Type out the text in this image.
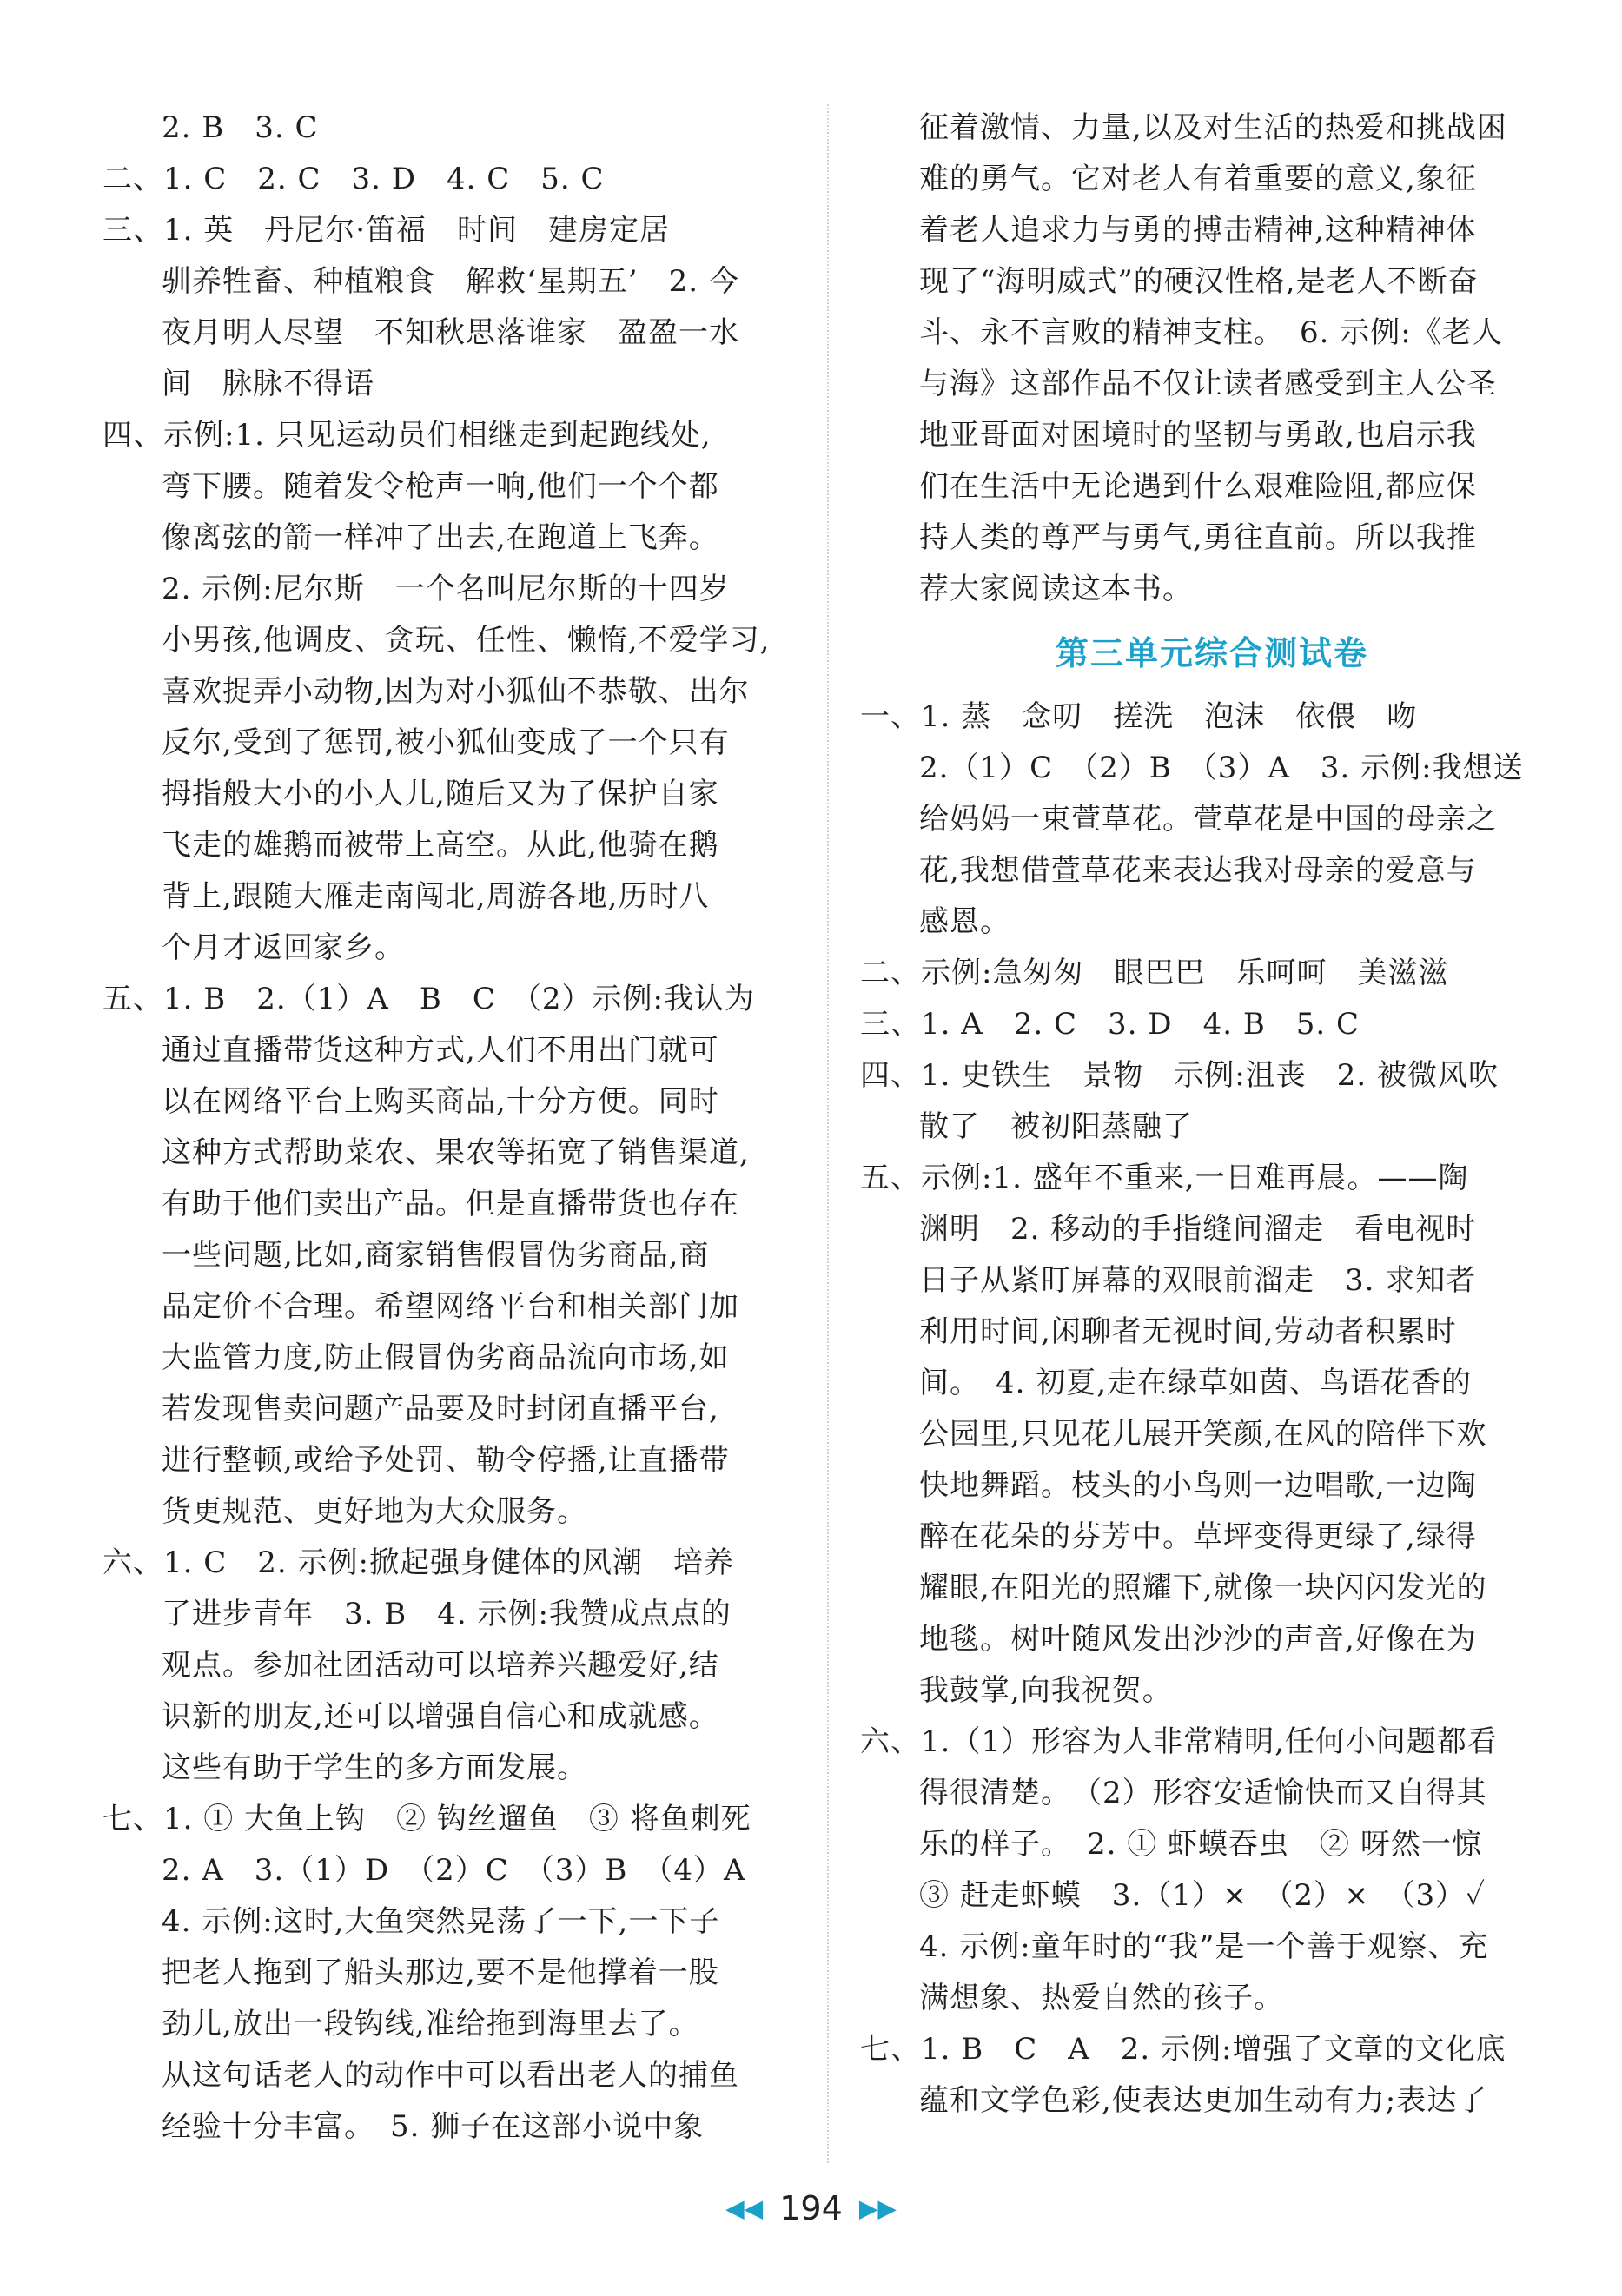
2. B　3. C
二、1. C　2. C　3. D　4. C　5. C
三、1. 英　丹尼尔·笛福　时间　建房定居
驯养牲畜、种植粮食　解救‘星期五’　2. 今
夜月明人尽望　不知秋思落谁家　盈盈一水
间　脉脉不得语
四、示例:1. 只见运动员们相继走到起跑线处,
弯下腰。随着发令枪声一响,他们一个个都
像离弦的箭一样冲了出去,在跑道上飞奔。
2. 示例:尼尔斯　一个名叫尼尔斯的十四岁
小男孩,他调皮、贪玩、任性、懒惰,不爱学习,
喜欢捉弄小动物,因为对小狐仙不恭敬、出尔
反尔,受到了惩罚,被小狐仙变成了一个只有
拇指般大小的小人儿,随后又为了保护自家
飞走的雄鹅而被带上高空。从此,他骑在鹅
背上,跟随大雁走南闯北,周游各地,历时八
个月才返回家乡。
五、1. B　2.（1）A　B　C　（2）示例:我认为
通过直播带货这种方式,人们不用出门就可
以在网络平台上购买商品,十分方便。同时
这种方式帮助菜农、果农等拓宽了销售渠道,
有助于他们卖出产品。但是直播带货也存在
一些问题,比如,商家销售假冒伪劣商品,商
品定价不合理。希望网络平台和相关部门加
大监管力度,防止假冒伪劣商品流向市场,如
若发现售卖问题产品要及时封闭直播平台,
进行整顿,或给予处罚、勒令停播,让直播带
货更规范、更好地为大众服务。
六、1. C　2. 示例:掀起强身健体的风潮　培养
了进步青年　3. B　4. 示例:我赞成点点的
观点。参加社团活动可以培养兴趣爱好,结
识新的朋友,还可以增强自信心和成就感。
这些有助于学生的多方面发展。
七、1. ① 大鱼上钩　② 钩丝遛鱼　③ 将鱼刺死
2. A　3.（1）D　（2）C　（3）B　（4）A
4. 示例:这时,大鱼突然晃荡了一下,一下子
把老人拖到了船头那边,要不是他撑着一股
劲儿,放出一段钩线,准给拖到海里去了。
从这句话老人的动作中可以看出老人的捕鱼
经验十分丰富。　5. 狮子在这部小说中象
征着激情、力量,以及对生活的热爱和挑战困
难的勇气。它对老人有着重要的意义,象征
着老人追求力与勇的搏击精神,这种精神体
现了“海明威式”的硬汉性格,是老人不断奋
斗、永不言败的精神支柱。　6. 示例:《老人
与海》这部作品不仅让读者感受到主人公圣
地亚哥面对困境时的坚韧与勇敢,也启示我
们在生活中无论遇到什么艰难险阻,都应保
持人类的尊严与勇气,勇往直前。所以我推
荐大家阅读这本书。
第三单元综合测试卷
一、1. 蒸　念叨　搓洗　泡沫　依偎　吻
2.（1）C　（2）B　（3）A　3. 示例:我想送
给妈妈一束萱草花。萱草花是中国的母亲之
花,我想借萱草花来表达我对母亲的爱意与
感恩。
二、示例:急匆匆　眼巴巴　乐呵呵　美滋滋
三、1. A　2. C　3. D　4. B　5. C
四、1. 史铁生　景物　示例:沮丧　2. 被微风吹
散了　被初阳蒸融了
五、示例:1. 盛年不重来,一日难再晨。——陶
渊明　2. 移动的手指缝间溜走　看电视时
日子从紧盯屏幕的双眼前溜走　3. 求知者
利用时间,闲聊者无视时间,劳动者积累时
间。　4. 初夏,走在绿草如茵、鸟语花香的
公园里,只见花儿展开笑颜,在风的陪伴下欢
快地舞蹈。枝头的小鸟则一边唱歌,一边陶
醉在花朵的芬芳中。草坪变得更绿了,绿得
耀眼,在阳光的照耀下,就像一块闪闪发光的
地毯。树叶随风发出沙沙的声音,好像在为
我鼓掌,向我祝贺。
六、1.（1）形容为人非常精明,任何小问题都看
得很清楚。　（2）形容安适愉快而又自得其
乐的样子。　2. ① 虾蟆吞虫　② 呀然一惊
③ 赶走虾蟆　3.（1）×　（2）×　（3）✓
4. 示例:童年时的“我”是一个善于观察、充
满想象、热爱自然的孩子。
七、1. B　C　A　2. 示例:增强了文章的文化底
蕴和文学色彩,使表达更加生动有力;表达了
◀◀ 194 ▶▶
